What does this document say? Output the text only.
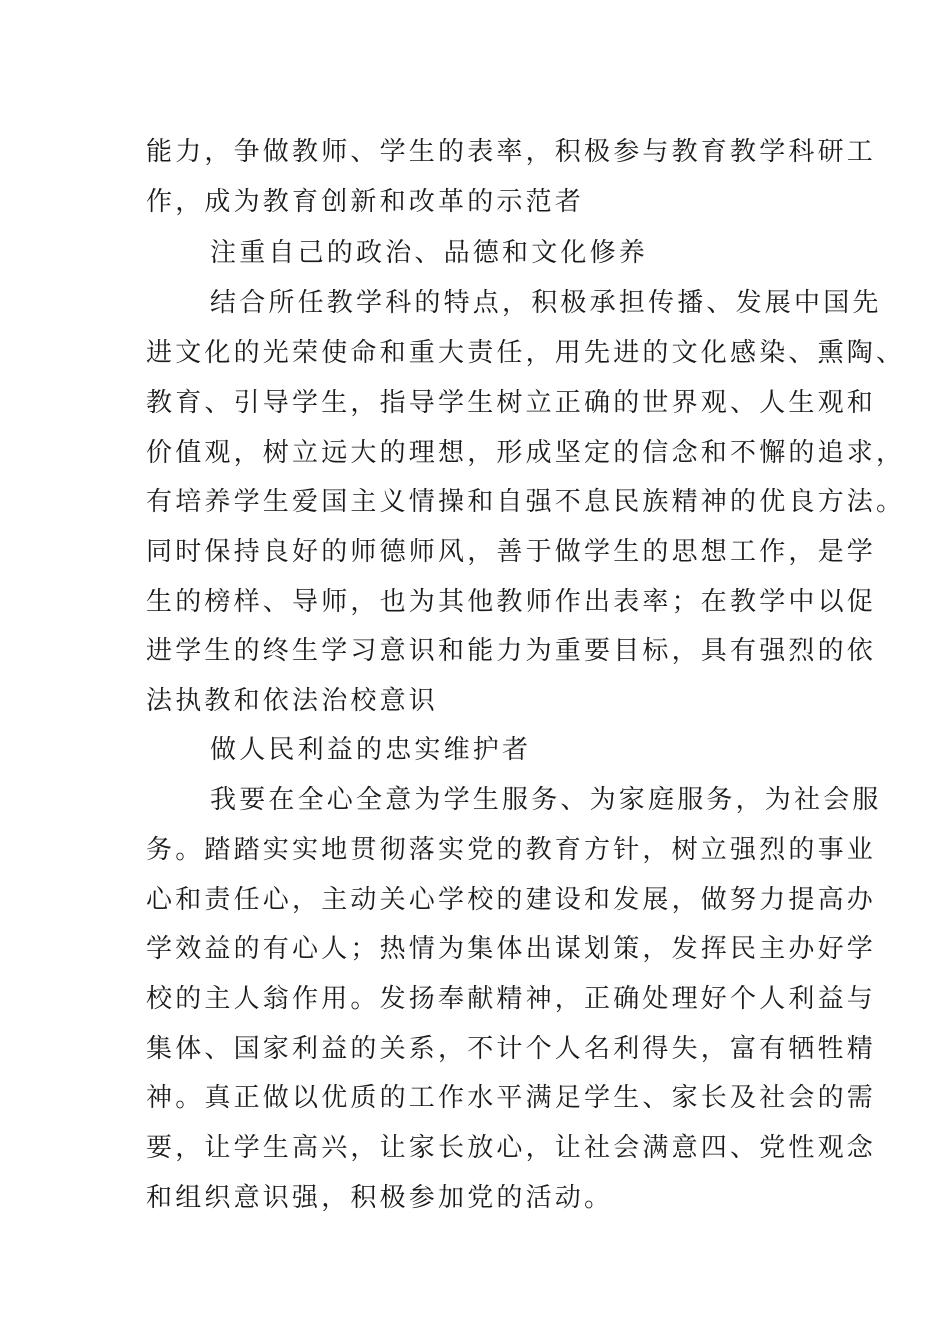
能力，争做教师、学生的表率，积极参与教育教学科研工
作，成为教育创新和改革的示范者
注重自己的政治、品德和文化修养
结合所任教学科的特点，积极承担传播、发展中国先
进文化的光荣使命和重大责任，用先进的文化感染、熏陶、
教育、引导学生，指导学生树立正确的世界观、人生观和
价值观，树立远大的理想，形成坚定的信念和不懈的追求，
有培养学生爱国主义情操和自强不息民族精神的优良方法。
同时保持良好的师德师风，善于做学生的思想工作，是学
生的榜样、导师，也为其他教师作出表率；在教学中以促
进学生的终生学习意识和能力为重要目标，具有强烈的依
法执教和依法治校意识
做人民利益的忠实维护者
我要在全心全意为学生服务、为家庭服务，为社会服
务。踏踏实实地贯彻落实党的教育方针，树立强烈的事业
心和责任心，主动关心学校的建设和发展，做努力提高办
学效益的有心人；热情为集体出谋划策，发挥民主办好学
校的主人翁作用。发扬奉献精神，正确处理好个人利益与
集体、国家利益的关系，不计个人名利得失，富有牺牲精
神。真正做以优质的工作水平满足学生、家长及社会的需
要，让学生高兴，让家长放心，让社会满意四、党性观念
和组织意识强，积极参加党的活动。
